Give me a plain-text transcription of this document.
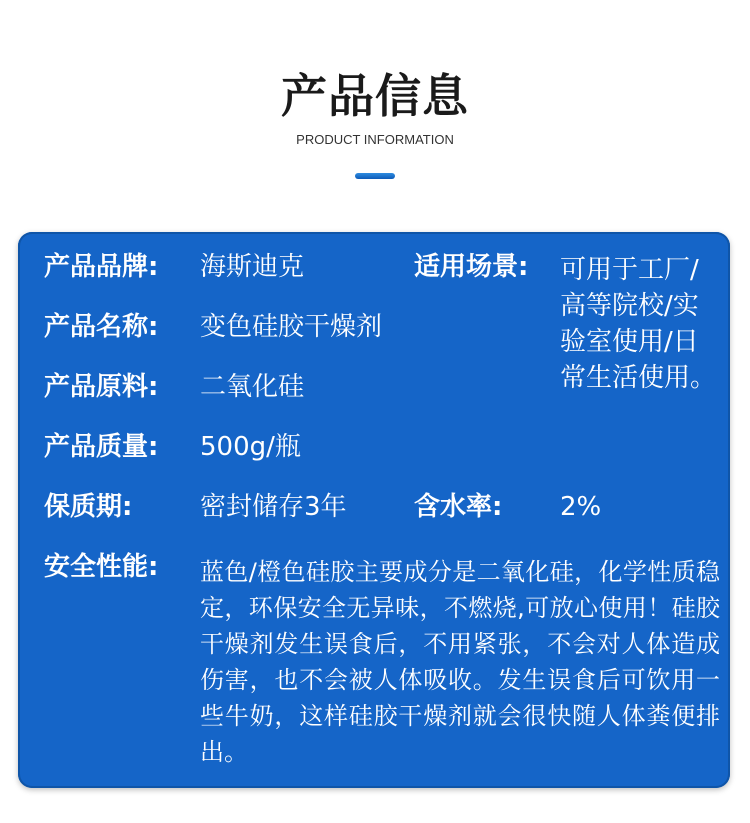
产品信息
PRODUCT INFORMATION
产品品牌: 海斯迪克
产品名称: 变色硅胶干燥剂
产品原料: 二氧化硅
产品质量: 500g/瓶
保质期:	密封储存3年
适用场景: 可用于工厂/高等院校/实验室使用/日常生活使用。
含水率: 2%
安全性能: 蓝色/橙色硅胶主要成分是二氧化硅，化学性质稳定，环保安全无异味，不燃烧,可放心使用！硅胶干燥剂发生误食后，不用紧张，不会对人体造成伤害，也不会被人体吸收。发生误食后可饮用一些牛奶，这样硅胶干燥剂就会很快随人体粪便排出。
